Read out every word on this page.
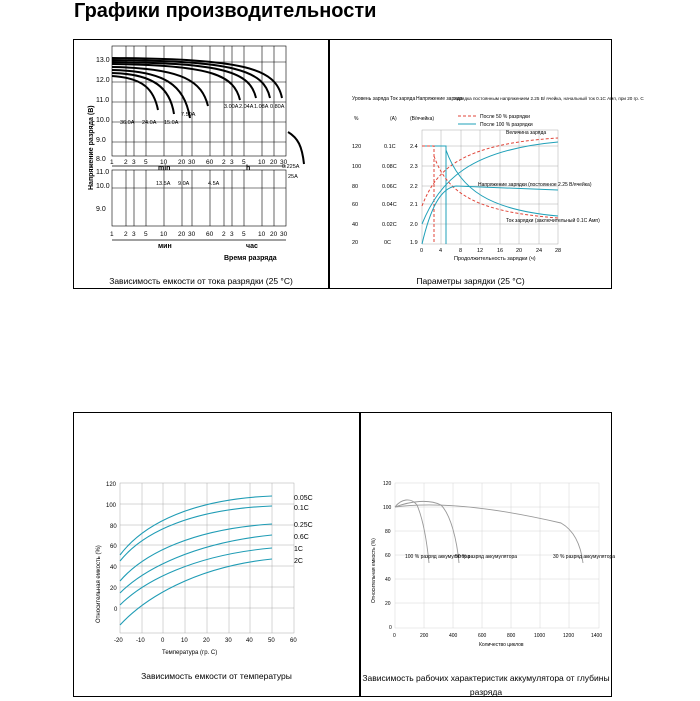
Графики производительности
Напряжение разряда (В)
13.0
12.0
11.0
10.0
9.0
8.0
11.0
10.0
9.0
36.0A 24.0A 15.0A
7.50A
3.00A 2.04A 1.08A 0.80A
13.5A 9.0A	4.5A
0.225A
25A
1 2 3 5 10 20 30 60 2 3 5 10 20 30
min	h
1 2 3 5 10 20 30 60 2 3 5 10 20 30
мин	час
Время разряда
Зависимость емкости от тока разрядки (25 °С)
Уровень заряда Ток заряда Напряжение заряда
Зарядка постоянным напряжением 2.25 В/ ячейка, начальный ток 0.1С Амп, при 20 гр. С
%	(А)	(В/ячейка)	После 50 % разрядки
После 100 % разрядки
120
100
80
60
40
20
0.1C
0.08C
0.06C
0.04C
0.02C
0C
2.4
2.3
2.2
2.1
2.0
1.9
Величина заряда
Напряжение зарядки (постоянное 2.25 В/ячейка)
Ток зарядки (заключительный 0.1С Амп)
0	4	8	12	16 20	24 28
Продолжительность зарядки (ч)
Параметры зарядки (25 °С)
Относительная емкость (%)
120
100
80
60
40
20
0
0.05C
0.1C
0.25C
0.6C
1C
2C
-20 -10	0	10	20	30 40	50	60
Температура (гр. С)
Зависимость емкости от температуры
Относительная емкость (%)
120
100
80
60
40
20
0
100 % разряд аккумулятора
50 % разряд аккумулятора	30 % разряд аккумулятора
0	200	400	600	800	1000	1200	1400
Количество циклов
Зависимость рабочих характеристик аккумулятора от глубины разряда
